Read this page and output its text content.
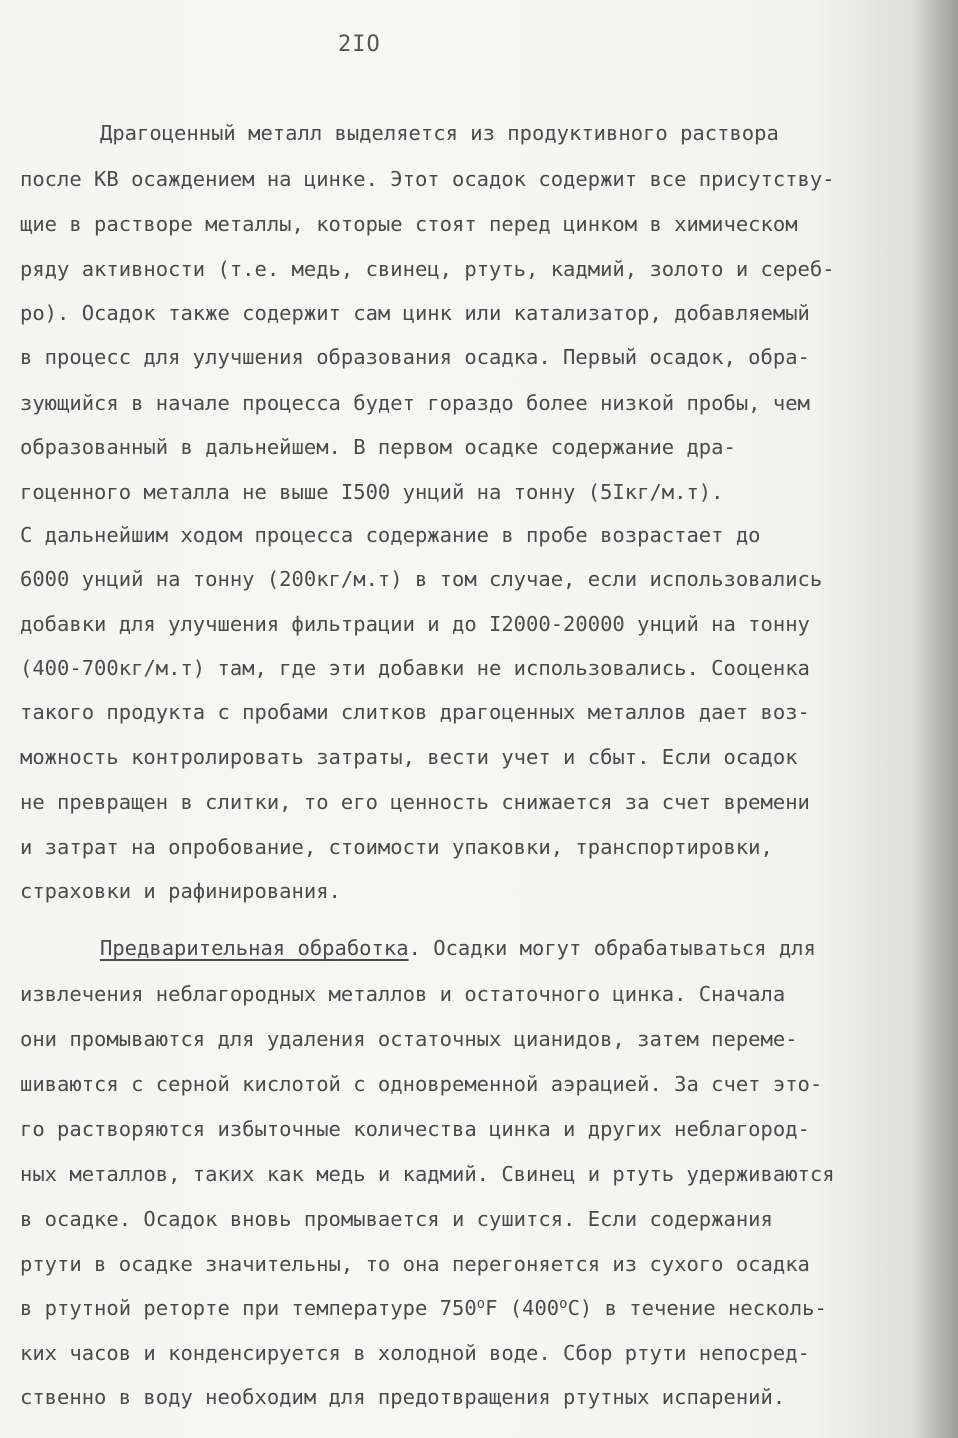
2IO
Драгоценный металл выделяется из продуктивного раствора
после КВ осаждением на цинке. Этот осадок содержит все присутству-
щие в растворе металлы, которые стоят перед цинком в химическом
ряду активности (т.е. медь, свинец, ртуть, кадмий, золото и сереб-
ро). Осадок также содержит сам цинк или катализатор, добавляемый
в процесс для улучшения образования осадка. Первый осадок, обра-
зующийся в начале процесса будет гораздо более низкой пробы, чем
образованный в дальнейшем. В первом осадкe содержание дра-
гоценного металла не выше I500 унций на тонну (5Iкг/м.т).
С дальнейшим ходом процесса содержание в пробе возрастает до
6000 унций на тонну (200кг/м.т) в том случае, если использовались
добавки для улучшения фильтрации и до I2000-20000 унций на тонну
(400-700кг/м.т) там, где эти добавки не использовались. Сооценка
такого продукта с пробами слитков драгоценных металлов дает воз-
можность контролировать затраты, вести учет и сбыт. Если осадок
не превращен в слитки, то его ценность снижается за счет времени
и затрат на опробование, стоимости упаковки, транспортировки,
страховки и рафинирования.
Предварительная обработка. Осадки могут обрабатываться для
извлечения неблагородных металлов и остаточного цинка. Сначала
они промываются для удаления остаточных цианидов, затем переме-
шиваются с серной кислотой с одновременной аэрацией. За счет это-
го растворяются избыточные количества цинка и других неблагород-
ных металлов, таких как медь и кадмий. Свинец и ртуть удерживаются
в осадке. Осадок вновь промывается и сушится. Если содержания
ртути в осадке значительны, то она перегоняется из сухого осадка
в ртутной реторте при температуре 750$^o$F (400$^o$C) в течение несколь-
ких часов и конденсируется в холодной воде. Сбор ртути непосред-
ственно в воду необходим для предотвращения ртутных испарений.
